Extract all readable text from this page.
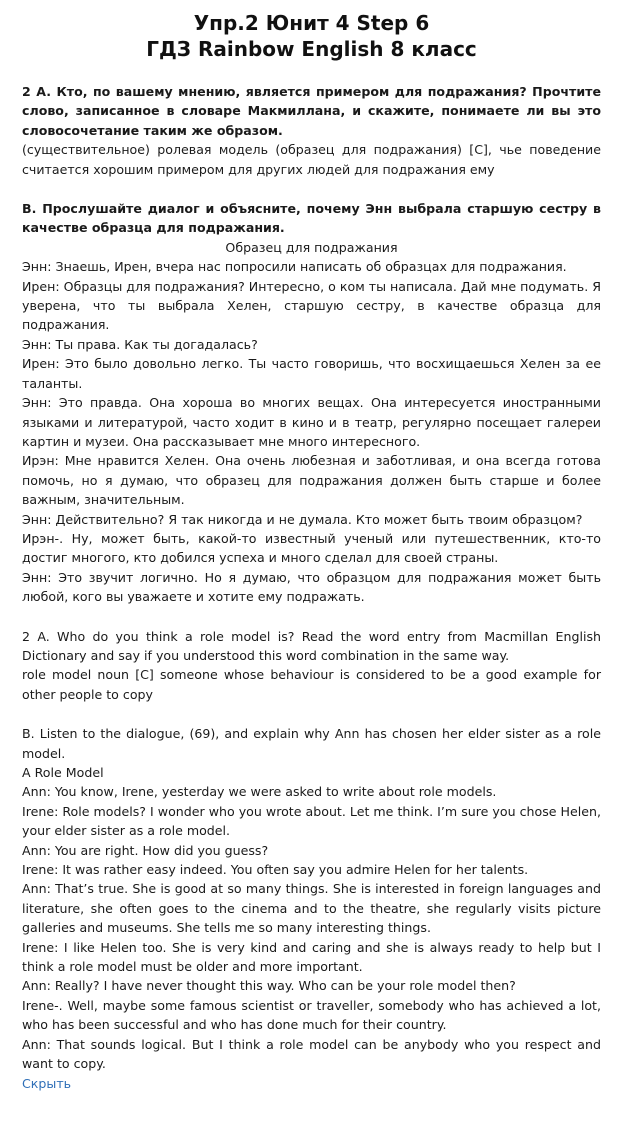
Упр.2 Юнит 4 Step 6
ГДЗ Rainbow English 8 класс

2 A. Кто, по вашему мнению, является примером для подражания? Прочтите слово, записанное в словаре Макмиллана, и скажите, понимаете ли вы это словосочетание таким же образом.

(существительное) ролевая модель (образец для подражания) [C], чье поведение считается хорошим примером для других людей для подражания ему

B. Прослушайте диалог и объясните, почему Энн выбрала старшую сестру в качестве образца для подражания.

Образец для подражания

Энн: Знаешь, Ирен, вчера нас попросили написать об образцах для подражания.

Ирен: Образцы для подражания? Интересно, о ком ты написала. Дай мне подумать. Я уверена, что ты выбрала Хелен, старшую сестру, в качестве образца для подражания.

Энн: Ты права. Как ты догадалась?

Ирен: Это было довольно легко. Ты часто говоришь, что восхищаешься Хелен за ее таланты.

Энн: Это правда. Она хороша во многих вещах. Она интересуется иностранными языками и литературой, часто ходит в кино и в театр, регулярно посещает галереи картин и музеи. Она рассказывает мне много интересного.

Ирэн: Мне нравится Хелен. Она очень любезная и заботливая, и она всегда готова помочь, но я думаю, что образец для подражания должен быть старше и более важным, значительным.

Энн: Действительно? Я так никогда и не думала. Кто может быть твоим образцом?

Ирэн-. Ну, может быть, какой-то известный ученый или путешественник, кто-то достиг многого, кто добился успеха и много сделал для своей страны.

Энн: Это звучит логично. Но я думаю, что образцом для подражания может быть любой, кого вы уважаете и хотите ему подражать.

2 A. Who do you think a role model is? Read the word entry from Macmillan English Dictionary and say if you understood this word combination in the same way.

role model noun [C] someone whose behaviour is considered to be a good example for other people to copy

B. Listen to the dialogue, (69), and explain why Ann has chosen her elder sister as a role model.

A Role Model

Ann: You know, Irene, yesterday we were asked to write about role models.

Irene: Role models? I wonder who you wrote about. Let me think. I’m sure you chose Helen, your elder sister as a role model.

Ann: You are right. How did you guess?

Irene: It was rather easy indeed. You often say you admire Helen for her talents.

Ann: That’s true. She is good at so many things. She is interested in foreign languages and literature, she often goes to the cinema and to the theatre, she regularly visits picture galleries and museums. She tells me so many interesting things.

Irene: I like Helen too. She is very kind and caring and she is always ready to help but I think a role model must be older and more important.

Ann: Really? I have never thought this way. Who can be your role model then?

Irene-. Well, maybe some famous scientist or traveller, somebody who has achieved a lot, who has been successful and who has done much for their country.

Ann: That sounds logical. But I think a role model can be anybody who you respect and want to copy.

Скрыть
